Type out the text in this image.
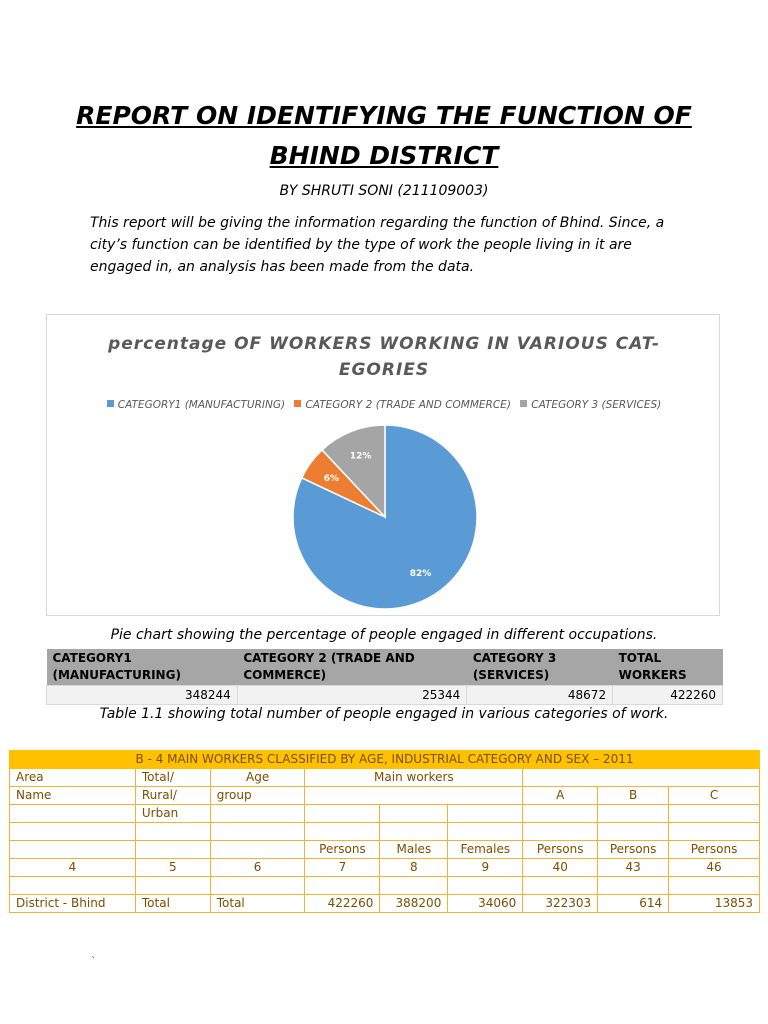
REPORT ON IDENTIFYING THE FUNCTION OF
BHIND DISTRICT
BY SHRUTI SONI (211109003)
This report will be giving the information regarding the function of Bhind. Since, a city’s function can be identified by the type of work the people living in it are engaged in, an analysis has been made from the data.
percentage OF WORKERS WORKING IN VARIOUS CAT-
EGORIES
CATEGORY1 (MANUFACTURING) CATEGORY 2 (TRADE AND COMMERCE) CATEGORY 3 (SERVICES)
82%
6%
12%
Pie chart showing the percentage of people engaged in different occupations.
CATEGORY1 (MANUFACTURING)	CATEGORY 2 (TRADE AND COMMERCE)	CATEGORY 3 (SERVICES)	TOTAL WORKERS
348244	25344	48672	422260
Table 1.1 showing total number of people engaged in various categories of work.
B - 4 MAIN WORKERS CLASSIFIED BY AGE, INDUSTRIAL CATEGORY AND SEX – 2011								
Area	Total/	Age	Main workers					
Name	Rural/	group				A	B	C
	Urban							

			Persons	Males	Females	Persons	Persons	Persons
4	5	6	7	8	9	40	43	46

District - Bhind	Total	Total	422260	388200	34060	322303	614	13853
`
